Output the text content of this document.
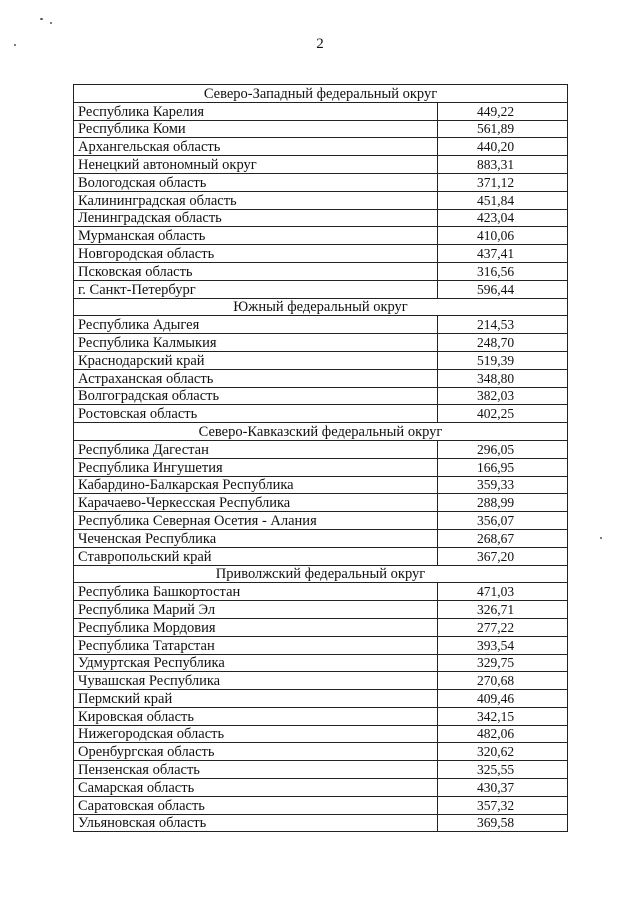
2
Северо-Западный федеральный округ	
Республика Карелия	449,22
Республика Коми	561,89
Архангельская область	440,20
Ненецкий автономный округ	883,31
Вологодская область	371,12
Калининградская область	451,84
Ленинградская область	423,04
Мурманская область	410,06
Новгородская область	437,41
Псковская область	316,56
г. Санкт-Петербург	596,44
Южный федеральный округ	
Республика Адыгея	214,53
Республика Калмыкия	248,70
Краснодарский край	519,39
Астраханская область	348,80
Волгоградская область	382,03
Ростовская область	402,25
Северо-Кавказский федеральный округ	
Республика Дагестан	296,05
Республика Ингушетия	166,95
Кабардино-Балкарская Республика	359,33
Карачаево-Черкесская Республика	288,99
Республика Северная Осетия - Алания	356,07
Чеченская Республика	268,67
Ставропольский край	367,20
Приволжский федеральный округ	
Республика Башкортостан	471,03
Республика Марий Эл	326,71
Республика Мордовия	277,22
Республика Татарстан	393,54
Удмуртская Республика	329,75
Чувашская Республика	270,68
Пермский край	409,46
Кировская область	342,15
Нижегородская область	482,06
Оренбургская область	320,62
Пензенская область	325,55
Самарская область	430,37
Саратовская область	357,32
Ульяновская область	369,58
